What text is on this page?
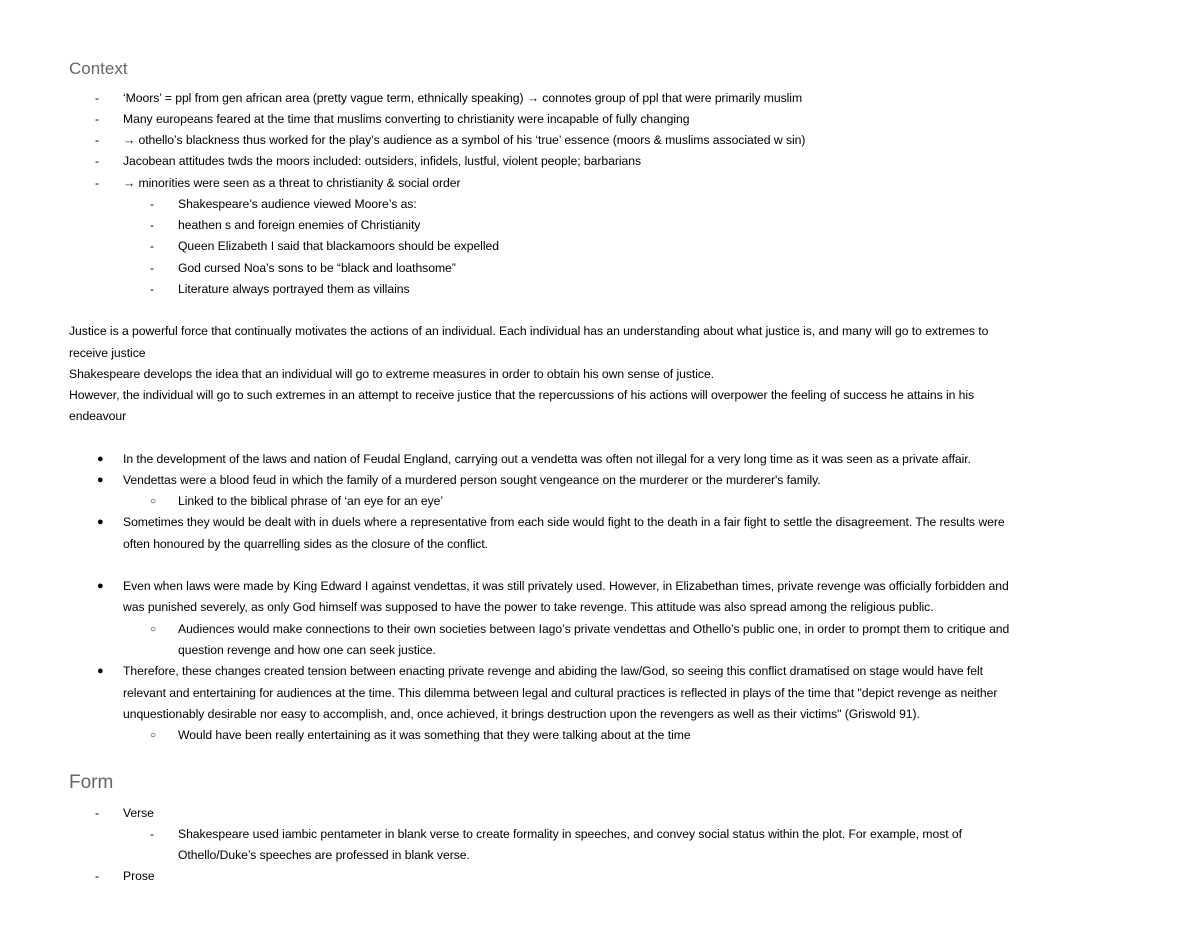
Context
- ‘Moors’ = ppl from gen african area (pretty vague term, ethnically speaking) → connotes group of ppl that were primarily muslim
- Many europeans feared at the time that muslims converting to christianity were incapable of fully changing
- → othello’s blackness thus worked for the play’s audience as a symbol of his ‘true’ essence (moors & muslims associated w sin)
- Jacobean attitudes twds the moors included: outsiders, infidels, lustful, violent people; barbarians
- → minorities were seen as a threat to christianity & social order
- Shakespeare’s audience viewed Moore’s as:
- heathen s and foreign enemies of Christianity
- Queen Elizabeth I said that blackamoors should be expelled
- God cursed Noa’s sons to be “black and loathsome”
- Literature always portrayed them as villains
Justice is a powerful force that continually motivates the actions of an individual. Each individual has an understanding about what justice is, and many will go to extremes to
receive justice
Shakespeare develops the idea that an individual will go to extreme measures in order to obtain his own sense of justice.
However, the individual will go to such extremes in an attempt to receive justice that the repercussions of his actions will overpower the feeling of success he attains in his
endeavour
● In the development of the laws and nation of Feudal England, carrying out a vendetta was often not illegal for a very long time as it was seen as a private affair.
● Vendettas were a blood feud in which the family of a murdered person sought vengeance on the murderer or the murderer's family.
○ Linked to the biblical phrase of ‘an eye for an eye’
● Sometimes they would be dealt with in duels where a representative from each side would fight to the death in a fair fight to settle the disagreement. The results were
often honoured by the quarrelling sides as the closure of the conflict.
● Even when laws were made by King Edward I against vendettas, it was still privately used. However, in Elizabethan times, private revenge was officially forbidden and
was punished severely, as only God himself was supposed to have the power to take revenge. This attitude was also spread among the religious public.
○ Audiences would make connections to their own societies between Iago’s private vendettas and Othello’s public one, in order to prompt them to critique and
question revenge and how one can seek justice.
● Therefore, these changes created tension between enacting private revenge and abiding the law/God, so seeing this conflict dramatised on stage would have felt
relevant and entertaining for audiences at the time. This dilemma between legal and cultural practices is reflected in plays of the time that "depict revenge as neither
unquestionably desirable nor easy to accomplish, and, once achieved, it brings destruction upon the revengers as well as their victims" (Griswold 91).
○ Would have been really entertaining as it was something that they were talking about at the time
Form
- Verse
- Shakespeare used iambic pentameter in blank verse to create formality in speeches, and convey social status within the plot. For example, most of
Othello/Duke’s speeches are professed in blank verse.
- Prose
